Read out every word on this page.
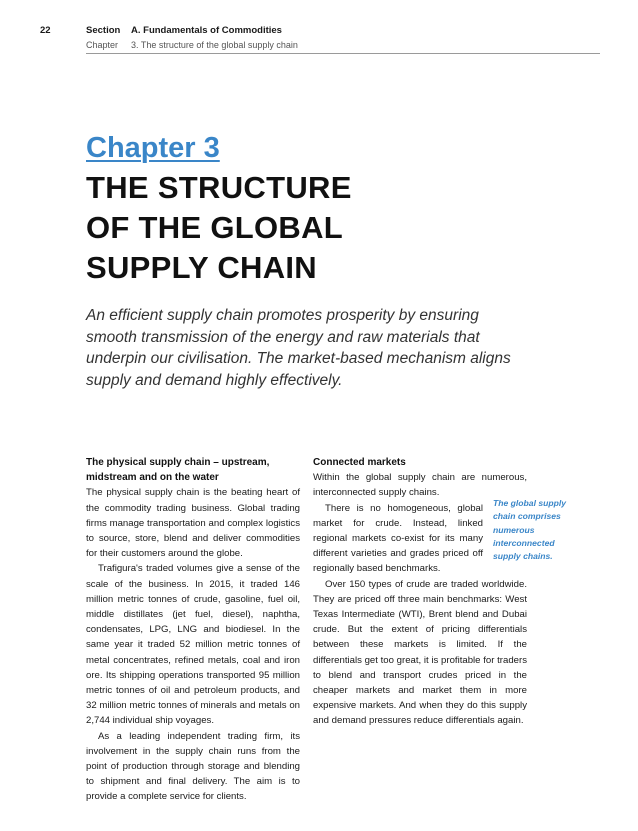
22	Section A. Fundamentals of Commodities
Chapter 3. The structure of the global supply chain
Chapter 3
THE STRUCTURE
OF THE GLOBAL
SUPPLY CHAIN
An efficient supply chain promotes prosperity by ensuring smooth transmission of the energy and raw materials that underpin our civilisation. The market-based mechanism aligns supply and demand highly effectively.
The physical supply chain – upstream, midstream and on the water

The physical supply chain is the beating heart of the commodity trading business. Global trading firms manage transportation and complex logistics to source, store, blend and deliver commodities for their customers around the globe.

Trafigura's traded volumes give a sense of the scale of the business. In 2015, it traded 146 million metric tonnes of crude, gasoline, fuel oil, middle distillates (jet fuel, diesel), naphtha, condensates, LPG, LNG and biodiesel. In the same year it traded 52 million metric tonnes of metal concentrates, refined metals, coal and iron ore. Its shipping operations transported 95 million metric tonnes of oil and petroleum products, and 32 million metric tonnes of minerals and metals on 2,744 individual ship voyages.

As a leading independent trading firm, its involvement in the supply chain runs from the point of production through storage and blending to shipment and final delivery. The aim is to provide a complete service for clients.

Connected markets

Within the global supply chain are numerous, interconnected supply chains.

There is no homogeneous, global market for crude. Instead, linked regional markets co-exist for its many different varieties and grades priced off regionally based benchmarks.

Over 150 types of crude are traded worldwide. They are priced off three main benchmarks: West Texas Intermediate (WTI), Brent blend and Dubai crude. But the extent of pricing differentials between these markets is limited. If the differentials get too great, it is profitable for traders to blend and transport crudes priced in the cheaper markets and market them in more expensive markets. And when they do this supply and demand pressures reduce differentials again.

The global supply chain comprises numerous interconnected supply chains.
